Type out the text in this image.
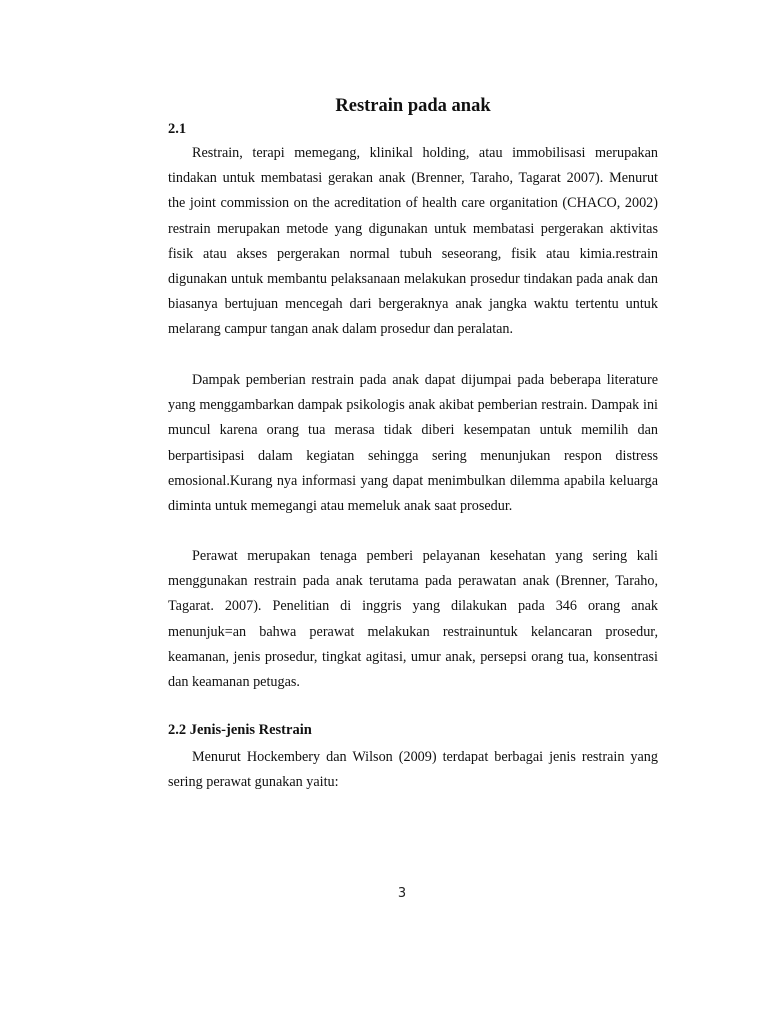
Restrain pada anak
2.1

Restrain, terapi memegang, klinikal holding, atau immobilisasi merupakan tindakan untuk membatasi gerakan anak (Brenner, Taraho, Tagarat 2007). Menurut the joint commission on the acreditation of health care organitation (CHACO, 2002) restrain merupakan metode yang digunakan untuk membatasi pergerakan aktivitas fisik atau akses pergerakan normal tubuh seseorang, fisik atau kimia.restrain digunakan untuk membantu pelaksanaan melakukan prosedur tindakan pada anak dan biasanya bertujuan mencegah dari bergeraknya anak jangka waktu tertentu untuk melarang campur tangan anak dalam prosedur dan peralatan.

Dampak pemberian restrain pada anak dapat dijumpai pada beberapa literature yang menggambarkan dampak psikologis anak akibat pemberian restrain. Dampak ini muncul karena orang tua merasa tidak diberi kesempatan untuk memilih dan berpartisipasi dalam kegiatan sehingga sering menunjukan respon distress emosional.Kurang nya informasi yang dapat menimbulkan dilemma apabila keluarga diminta untuk memegangi atau memeluk anak saat prosedur.

Perawat merupakan tenaga pemberi pelayanan kesehatan yang sering kali menggunakan restrain pada anak terutama pada perawatan anak (Brenner, Taraho, Tagarat. 2007). Penelitian di inggris yang dilakukan pada 346 orang anak menunjuk=an bahwa perawat melakukan restrainuntuk kelancaran prosedur, keamanan, jenis prosedur, tingkat agitasi, umur anak, persepsi orang tua, konsentrasi dan keamanan petugas.

2.2 Jenis-jenis Restrain

Menurut Hockembery dan Wilson (2009) terdapat berbagai jenis restrain yang sering perawat gunakan yaitu:

3
